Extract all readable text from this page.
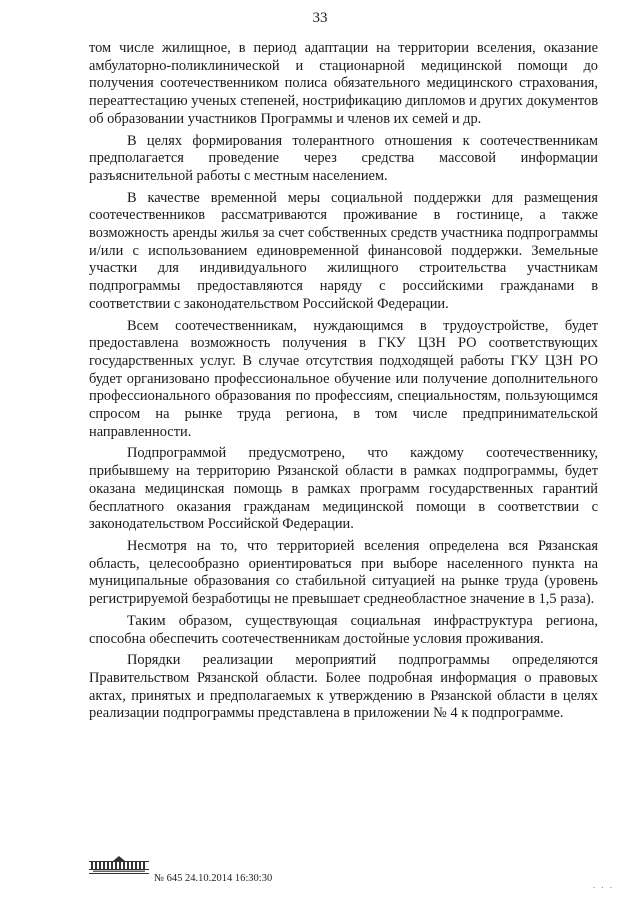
33

том числе жилищное, в период адаптации на территории вселения, оказание амбулаторно-поликлинической и стационарной медицинской помощи до получения соотечественником полиса обязательного медицинского страхования, переаттестацию ученых степеней, нострификацию дипломов и других документов об образовании участников Программы и членов их семей и др.

В целях формирования толерантного отношения к соотечественникам предполагается проведение через средства массовой информации разъяснительной работы с местным населением.

В качестве временной меры социальной поддержки для размещения соотечественников рассматриваются проживание в гостинице, а также возможность аренды жилья за счет собственных средств участника подпрограммы и/или с использованием единовременной финансовой поддержки. Земельные участки для индивидуального жилищного строительства участникам подпрограммы предоставляются наряду с российскими гражданами в соответствии с законодательством Российской Федерации.

Всем соотечественникам, нуждающимся в трудоустройстве, будет предоставлена возможность получения в ГКУ ЦЗН РО соответствующих государственных услуг. В случае отсутствия подходящей работы ГКУ ЦЗН РО будет организовано профессиональное обучение или получение дополнительного профессионального образования по профессиям, специальностям, пользующимся спросом на рынке труда региона, в том числе предпринимательской направленности.

Подпрограммой предусмотрено, что каждому соотечественнику, прибывшему на территорию Рязанской области в рамках подпрограммы, будет оказана медицинская помощь в рамках программ государственных гарантий бесплатного оказания гражданам медицинской помощи в соответствии с законодательством Российской Федерации.

Несмотря на то, что территорией вселения определена вся Рязанская область, целесообразно ориентироваться при выборе населенного пункта на муниципальные образования со стабильной ситуацией на рынке труда (уровень регистрируемой безработицы не превышает среднеобластное значение в 1,5 раза).

Таким образом, существующая социальная инфраструктура региона, способна обеспечить соотечественникам достойные условия проживания.

Порядки реализации мероприятий подпрограммы определяются Правительством Рязанской области. Более подробная информация о правовых актах, принятых и предполагаемых к утверждению в Рязанской области в целях реализации подпрограммы представлена в приложении № 4 к подпрограмме.

№ 645 24.10.2014 16:30:30
. . .
